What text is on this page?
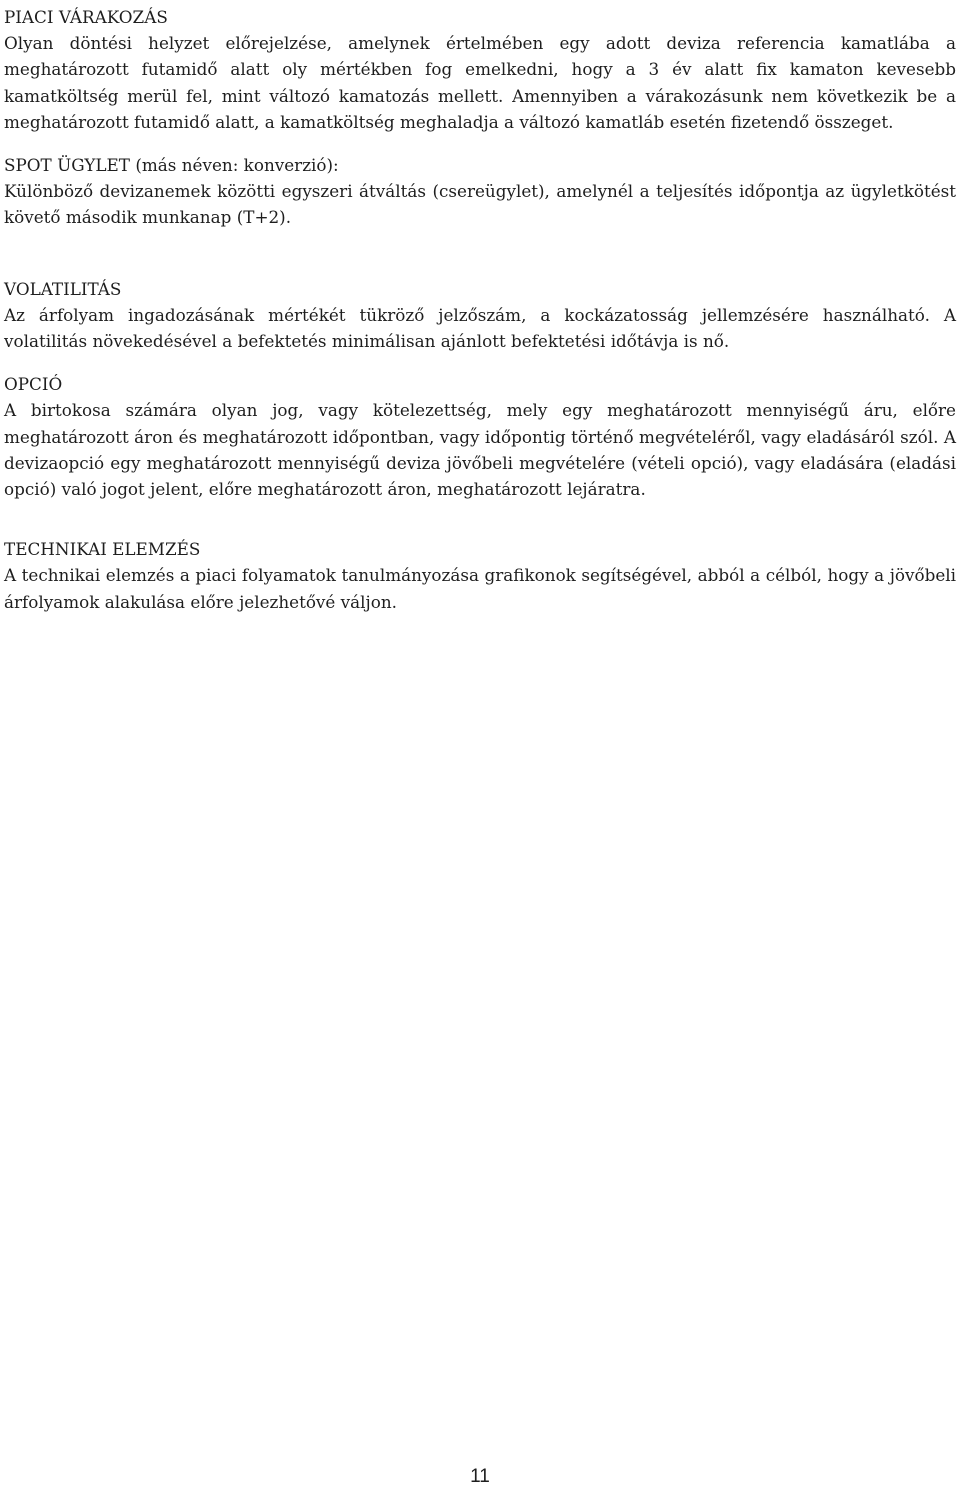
PIACI VÁRAKOZÁS
Olyan döntési helyzet előrejelzése, amelynek értelmében egy adott deviza referencia kamatlába a meghatározott futamidő alatt oly mértékben fog emelkedni, hogy a 3 év alatt fix kamaton kevesebb kamatköltség merül fel, mint változó kamatozás mellett. Amennyiben a várakozásunk nem következik be a meghatározott futamidő alatt, a kamatköltség meghaladja a változó kamatláb esetén fizetendő összeget.
SPOT ÜGYLET (más néven: konverzió):
Különböző devizanemek közötti egyszeri átváltás (csereügylet), amelynél a teljesítés időpontja az ügyletkötést követő második munkanap (T+2).
VOLATILITÁS
Az árfolyam ingadozásának mértékét tükröző jelzőszám, a kockázatosság jellemzésére használható. A volatilitás növekedésével a befektetés minimálisan ajánlott befektetési időtávja is nő.
OPCIÓ
A birtokosa számára olyan jog, vagy kötelezettség, mely egy meghatározott mennyiségű áru, előre meghatározott áron és meghatározott időpontban, vagy időpontig történő megvételéről, vagy eladásáról szól. A devizaopció egy meghatározott mennyiségű deviza jövőbeli megvételére (vételi opció), vagy eladására (eladási opció) való jogot jelent, előre meghatározott áron, meghatározott lejáratra.
TECHNIKAI ELEMZÉS
A technikai elemzés a piaci folyamatok tanulmányozása grafikonok segítségével, abból a célból, hogy a jövőbeli árfolyamok alakulása előre jelezhetővé váljon.
11
